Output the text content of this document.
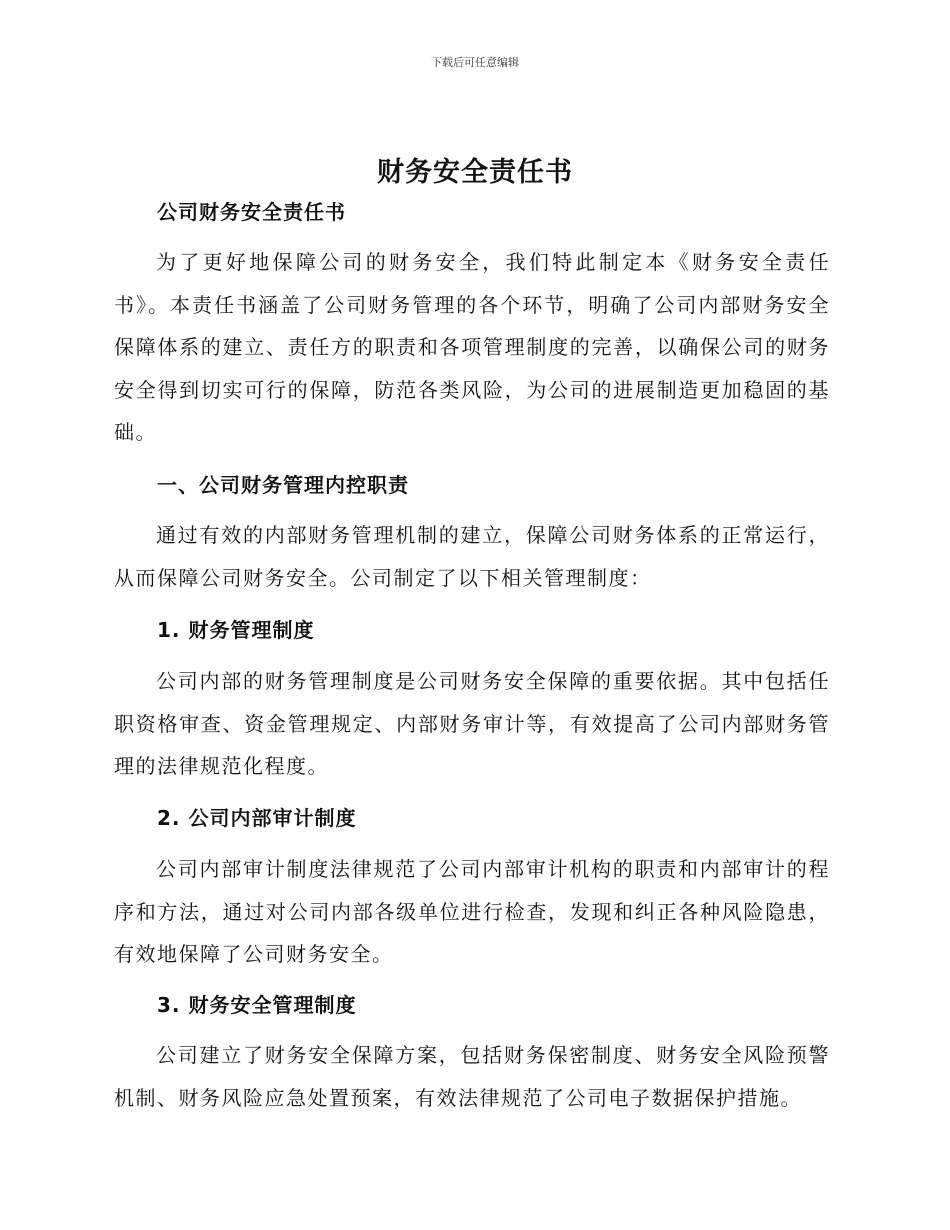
下载后可任意编辑
财务安全责任书
公司财务安全责任书
为了更好地保障公司的财务安全，我们特此制定本《财务安全责任书》。本责任书涵盖了公司财务管理的各个环节，明确了公司内部财务安全保障体系的建立、责任方的职责和各项管理制度的完善，以确保公司的财务安全得到切实可行的保障，防范各类风险，为公司的进展制造更加稳固的基础。
一、公司财务管理内控职责
通过有效的内部财务管理机制的建立，保障公司财务体系的正常运行，从而保障公司财务安全。公司制定了以下相关管理制度：
1. 财务管理制度
公司内部的财务管理制度是公司财务安全保障的重要依据。其中包括任职资格审查、资金管理规定、内部财务审计等，有效提高了公司内部财务管理的法律规范化程度。
2. 公司内部审计制度
公司内部审计制度法律规范了公司内部审计机构的职责和内部审计的程序和方法，通过对公司内部各级单位进行检查，发现和纠正各种风险隐患，有效地保障了公司财务安全。
3. 财务安全管理制度
公司建立了财务安全保障方案，包括财务保密制度、财务安全风险预警机制、财务风险应急处置预案，有效法律规范了公司电子数据保护措施。
